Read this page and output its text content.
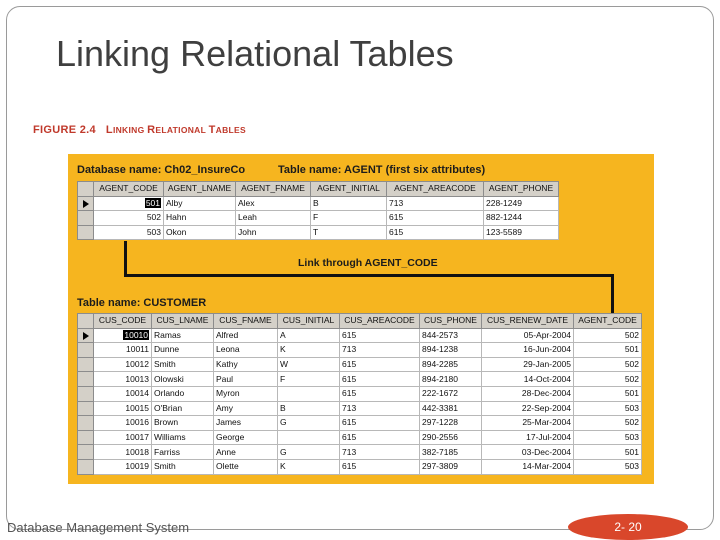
Linking Relational Tables
FIGURE 2.4 LINKING RELATIONAL TABLES
Database name: Ch02_InsureCo	Table name: AGENT (first six attributes)
	AGENT_CODE	AGENT_LNAME	AGENT_FNAME	AGENT_INITIAL	AGENT_AREACODE	AGENT_PHONE
	501	Alby	Alex	B	713	228-1249
	502	Hahn	Leah	F	615	882-1244
	503	Okon	John	T	615	123-5589
Link through AGENT_CODE
Table name: CUSTOMER
	CUS_CODE	CUS_LNAME	CUS_FNAME	CUS_INITIAL	CUS_AREACODE	CUS_PHONE	CUS_RENEW_DATE	AGENT_CODE
	10010	Ramas	Alfred	A	615	844-2573	05-Apr-2004	502
	10011	Dunne	Leona	K	713	894-1238	16-Jun-2004	501
	10012	Smith	Kathy	W	615	894-2285	29-Jan-2005	502
	10013	Olowski	Paul	F	615	894-2180	14-Oct-2004	502
	10014	Orlando	Myron		615	222-1672	28-Dec-2004	501
	10015	O'Brian	Amy	B	713	442-3381	22-Sep-2004	503
	10016	Brown	James	G	615	297-1228	25-Mar-2004	502
	10017	Williams	George		615	290-2556	17-Jul-2004	503
	10018	Farriss	Anne	G	713	382-7185	03-Dec-2004	501
	10019	Smith	Olette	K	615	297-3809	14-Mar-2004	503
Database Management System	2- 20
